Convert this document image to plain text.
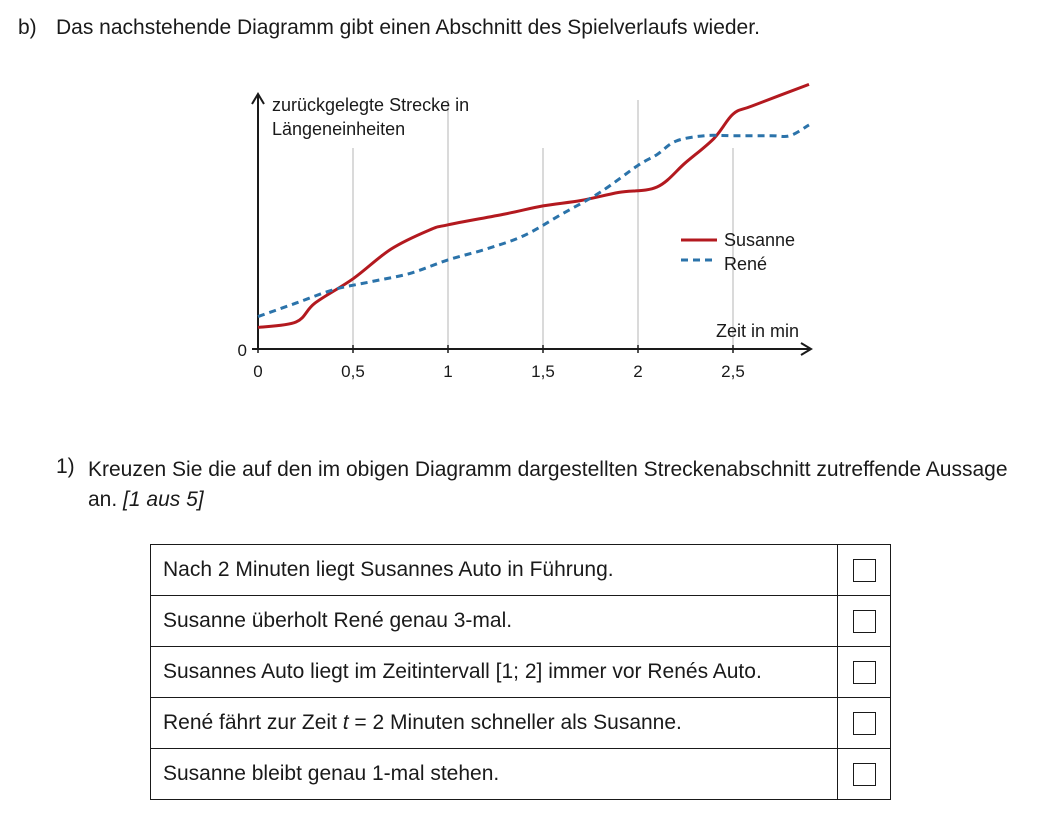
b) Das nachstehende Diagramm gibt einen Abschnitt des Spielverlaufs wieder.
zurückgelegte Strecke in
Längeneinheiten
Zeit in min
0
0	0,5	1	1,5	2	2,5
Susanne
René
1) Kreuzen Sie die auf den im obigen Diagramm dargestellten Streckenabschnitt zutreffende Aussage an. [1 aus 5]
Nach 2 Minuten liegt Susannes Auto in Führung.	
Susanne überholt René genau 3-mal.	
Susannes Auto liegt im Zeitintervall [1; 2] immer vor Renés Auto.	
René fährt zur Zeit t = 2 Minuten schneller als Susanne.	
Susanne bleibt genau 1-mal stehen.	
